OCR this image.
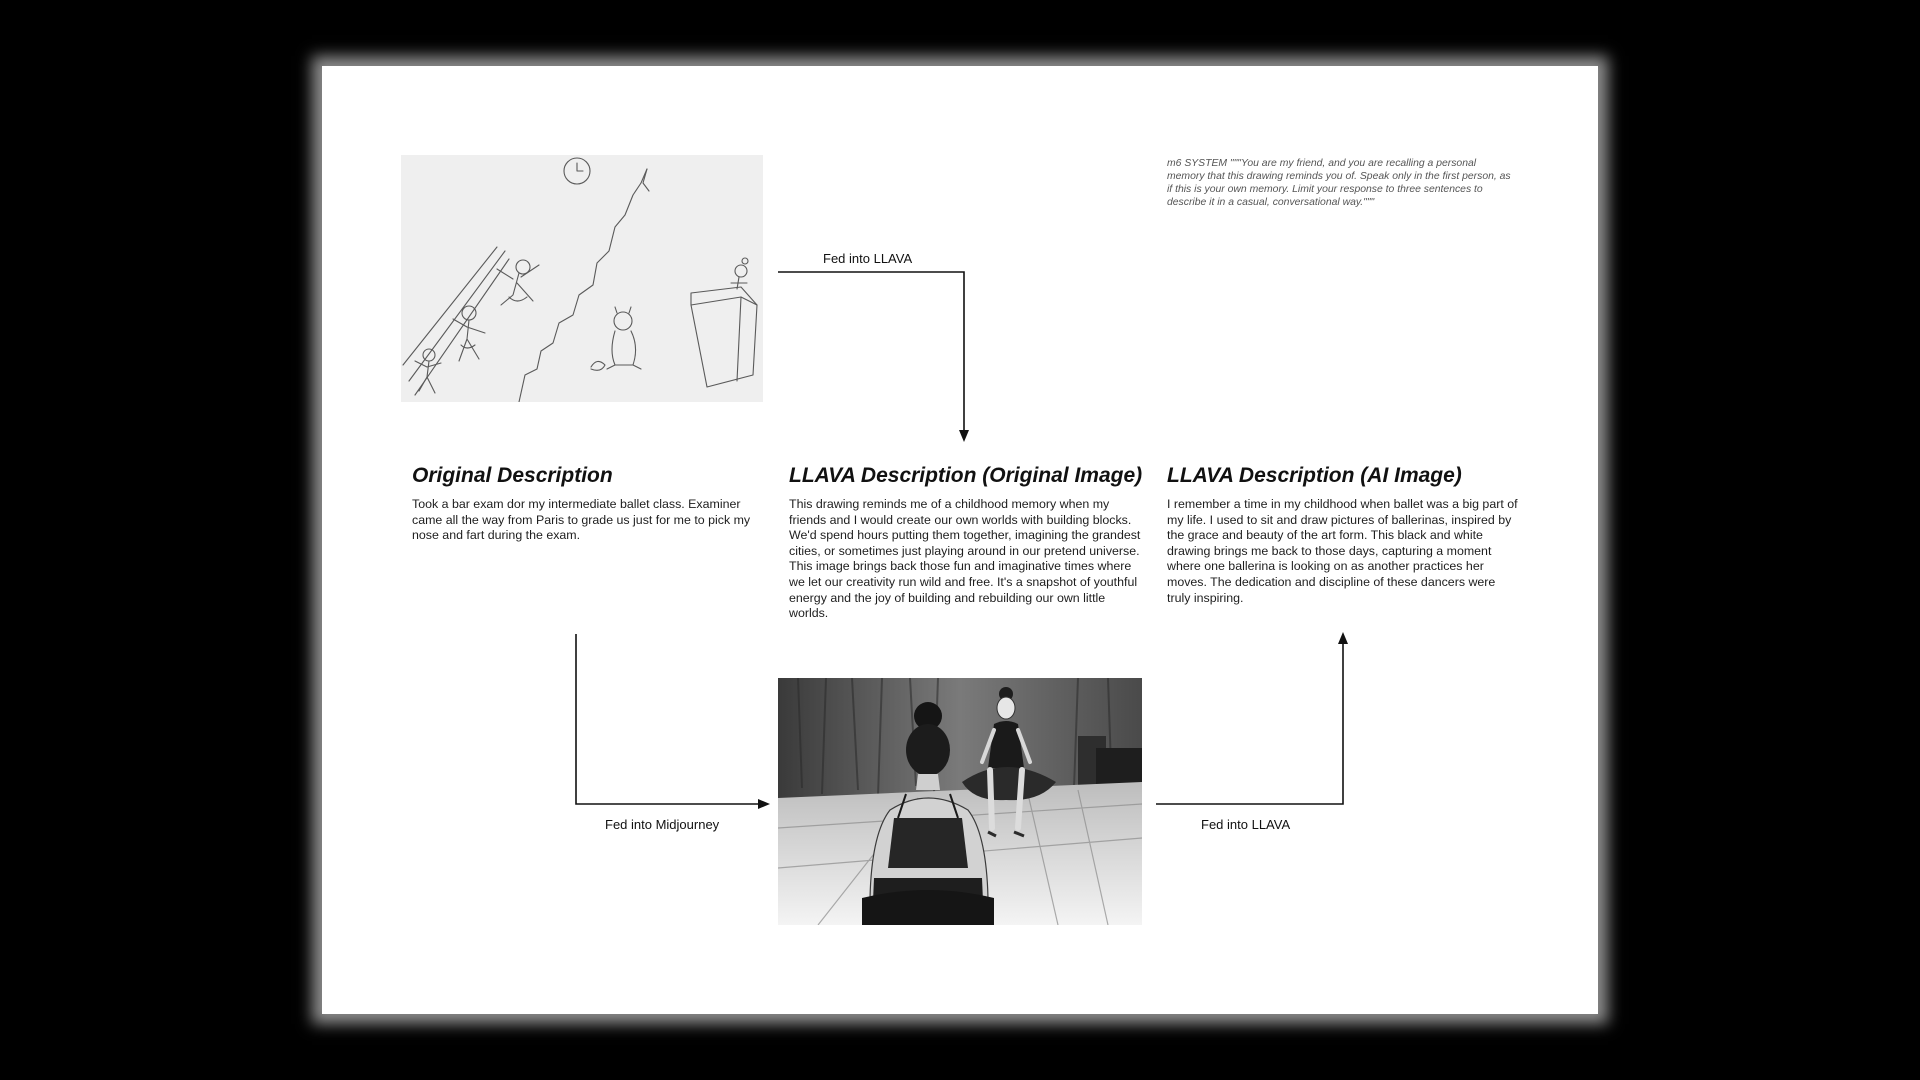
m6 SYSTEM """You are my friend, and you are recalling a personal memory that this drawing reminds you of. Speak only in the first person, as if this is your own memory. Limit your response to three sentences to describe it in a casual, conversational way."""

Original Description

Took a bar exam dor my intermediate ballet class. Examiner came all the way from Paris to grade us just for me to pick my nose and fart during the exam.

LLAVA Description (Original Image)

This drawing reminds me of a childhood memory when my friends and I would create our own worlds with building blocks. We'd spend hours putting them together, imagining the grandest cities, or sometimes just playing around in our pretend universe. This image brings back those fun and imaginative times where we let our creativity run wild and free. It's a snapshot of youthful energy and the joy of building and rebuilding our own little worlds.

LLAVA Description (AI Image)

I remember a time in my childhood when ballet was a big part of my life. I used to sit and draw pictures of ballerinas, inspired by the grace and beauty of the art form. This black and white drawing brings me back to those days, capturing a moment where one ballerina is looking on as another practices her moves. The dedication and discipline of these dancers were truly inspiring.

Fed into LLAVA

Fed into Midjourney	Fed into LLAVA
